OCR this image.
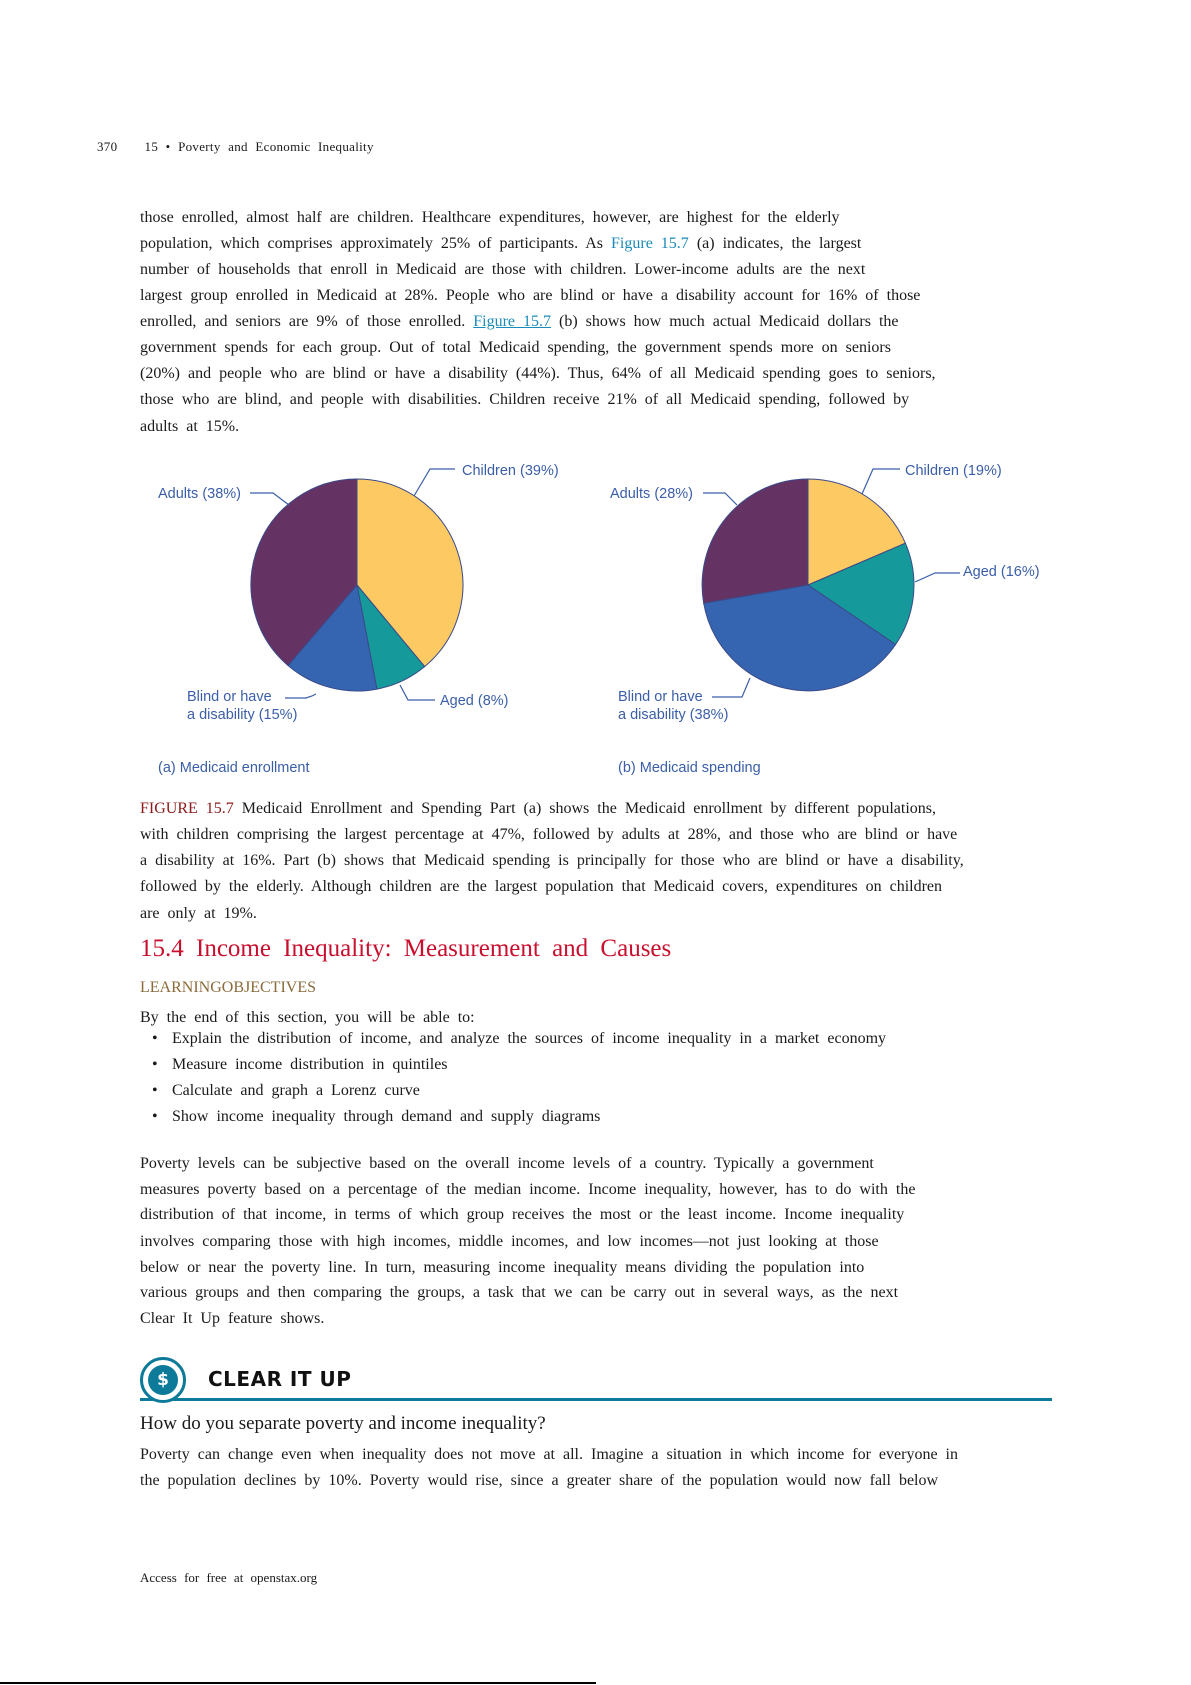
370 15 • Poverty and Economic Inequality
those enrolled, almost half are children. Healthcare expenditures, however, are highest for the elderly
population, which comprises approximately 25% of participants. As Figure 15.7 (a) indicates, the largest
number of households that enroll in Medicaid are those with children. Lower-income adults are the next
largest group enrolled in Medicaid at 28%. People who are blind or have a disability account for 16% of those
enrolled, and seniors are 9% of those enrolled. Figure 15.7 (b) shows how much actual Medicaid dollars the
government spends for each group. Out of total Medicaid spending, the government spends more on seniors
(20%) and people who are blind or have a disability (44%). Thus, 64% of all Medicaid spending goes to seniors,
those who are blind, and people with disabilities. Children receive 21% of all Medicaid spending, followed by
adults at 15%.
Adults (38%)
Children (39%)
Blind or have
a disability (15%)
Aged (8%)
(a) Medicaid enrollment
Adults (28%)
Children (19%)
Blind or have
a disability (38%)
Aged (16%)
(b) Medicaid spending
FIGURE 15.7 Medicaid Enrollment and Spending Part (a) shows the Medicaid enrollment by different populations,
with children comprising the largest percentage at 47%, followed by adults at 28%, and those who are blind or have
a disability at 16%. Part (b) shows that Medicaid spending is principally for those who are blind or have a disability,
followed by the elderly. Although children are the largest population that Medicaid covers, expenditures on children
are only at 19%.
15.4 Income Inequality: Measurement and Causes
LEARNINGOBJECTIVES
By the end of this section, you will be able to:
• Explain the distribution of income, and analyze the sources of income inequality in a market economy
• Measure income distribution in quintiles
• Calculate and graph a Lorenz curve
• Show income inequality through demand and supply diagrams
Poverty levels can be subjective based on the overall income levels of a country. Typically a government
measures poverty based on a percentage of the median income. Income inequality, however, has to do with the
distribution of that income, in terms of which group receives the most or the least income. Income inequality
involves comparing those with high incomes, middle incomes, and low incomes—not just looking at those
below or near the poverty line. In turn, measuring income inequality means dividing the population into
various groups and then comparing the groups, a task that we can be carry out in several ways, as the next
Clear It Up feature shows.
$	CLEAR IT UP
How do you separate poverty and income inequality?
Poverty can change even when inequality does not move at all. Imagine a situation in which income for everyone in
the population declines by 10%. Poverty would rise, since a greater share of the population would now fall below
Access for free at openstax.org
